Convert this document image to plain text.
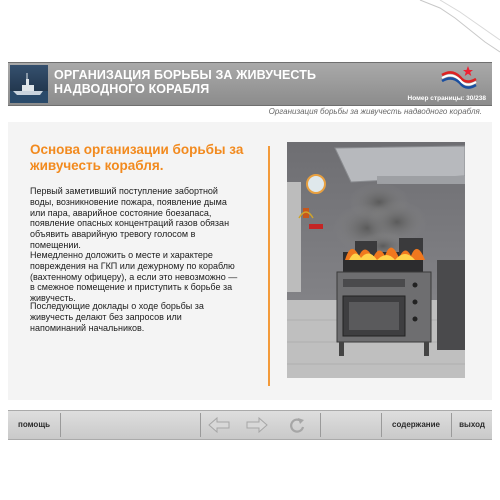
ОРГАНИЗАЦИЯ БОРЬБЫ ЗА ЖИВУЧЕСТЬ
НАДВОДНОГО КОРАБЛЯ
Номер страницы: 30/238
Организация борьбы за живучесть надводного корабля.
Основа организации борьбы за живучесть корабля.
Первый заметивший поступление забортной воды, возникновение пожара, появление дыма или пара, аварийное состояние боезапаса, появление опасных концентраций газов обязан объявить аварийную тревогу голосом в помещении.
Немедленно доложить о месте и характере повреждения на ГКП или дежурному по кораблю (вахтенному офицеру), а если это невозможно — в смежное помещение и приступить к борьбе за живучесть.
Последующие доклады о ходе борьбы за живучесть делают без запросов или напоминаний начальников.
помощь	содержание	выход
